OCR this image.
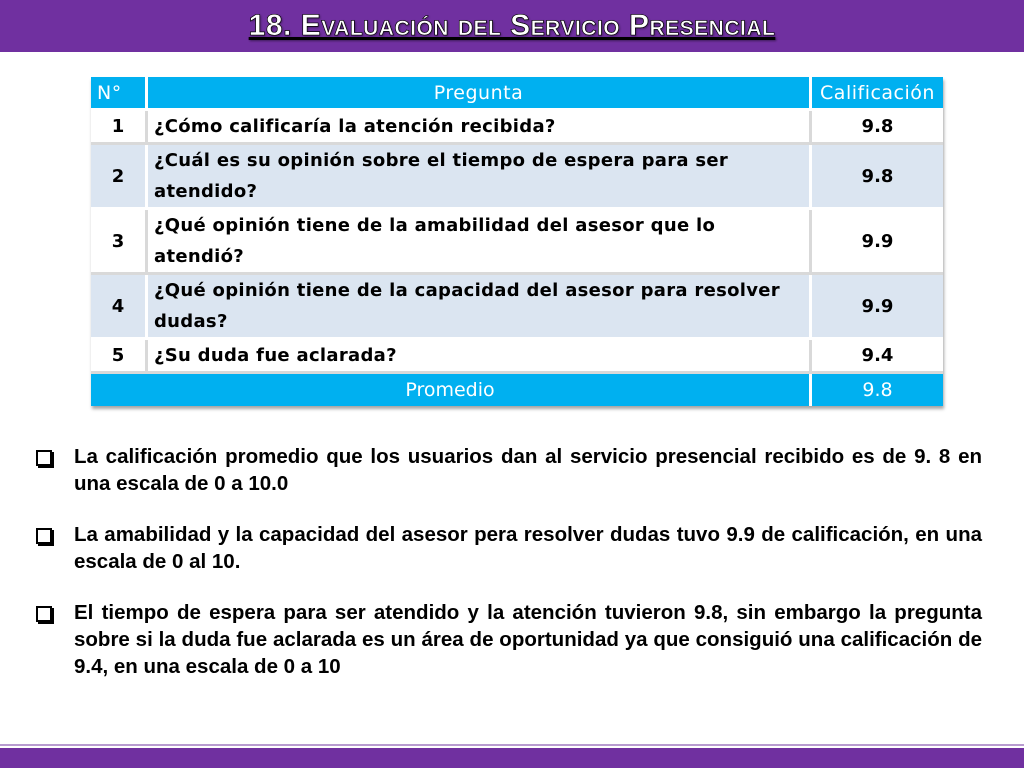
18. Evaluación del Servicio Presencial
N°	Pregunta	Calificación
1	¿Cómo calificaría la atención recibida?	9.8
2	¿Cuál es su opinión sobre el tiempo de espera para ser atendido?	9.8
3	¿Qué opinión tiene de la amabilidad del asesor que lo atendió?	9.9
4	¿Qué opinión tiene de la capacidad del asesor para resolver dudas?	9.9
5	¿Su duda fue aclarada?	9.4
Promedio		9.8
La calificación promedio que los usuarios dan al servicio presencial recibido es de 9. 8 en una escala de 0 a 10.0
La amabilidad y la capacidad del asesor pera resolver dudas tuvo 9.9 de calificación, en una escala de 0 al 10.
El tiempo de espera para ser atendido y la atención tuvieron 9.8, sin embargo la pregunta sobre si la duda fue aclarada es un área de oportunidad ya que consiguió una calificación de 9.4, en una escala de 0 a 10
